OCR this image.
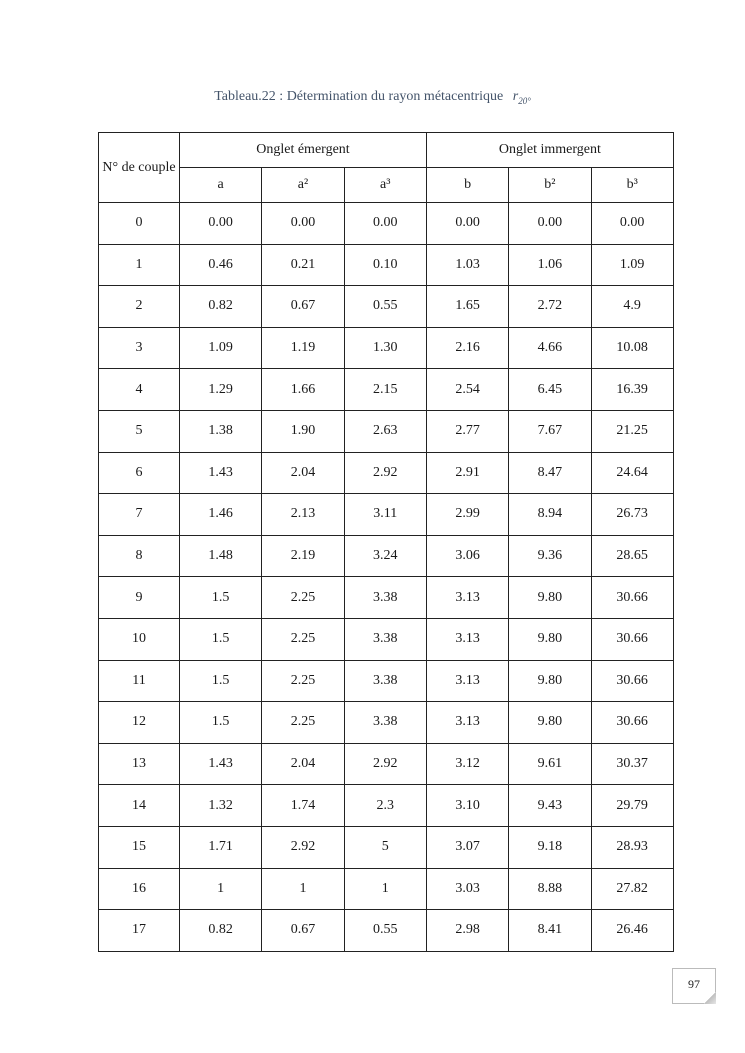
Tableau.22 : Détermination du rayon métacentrique $r_{20^\circ}$
N° de couple	Onglet émergent			Onglet immergent		
	a	a²	a³	b	b²	b³
0	0.00	0.00	0.00	0.00	0.00	0.00
1	0.46	0.21	0.10	1.03	1.06	1.09
2	0.82	0.67	0.55	1.65	2.72	4.9
3	1.09	1.19	1.30	2.16	4.66	10.08
4	1.29	1.66	2.15	2.54	6.45	16.39
5	1.38	1.90	2.63	2.77	7.67	21.25
6	1.43	2.04	2.92	2.91	8.47	24.64
7	1.46	2.13	3.11	2.99	8.94	26.73
8	1.48	2.19	3.24	3.06	9.36	28.65
9	1.5	2.25	3.38	3.13	9.80	30.66
10	1.5	2.25	3.38	3.13	9.80	30.66
11	1.5	2.25	3.38	3.13	9.80	30.66
12	1.5	2.25	3.38	3.13	9.80	30.66
13	1.43	2.04	2.92	3.12	9.61	30.37
14	1.32	1.74	2.3	3.10	9.43	29.79
15	1.71	2.92	5	3.07	9.18	28.93
16	1	1	1	3.03	8.88	27.82
17	0.82	0.67	0.55	2.98	8.41	26.46
97
